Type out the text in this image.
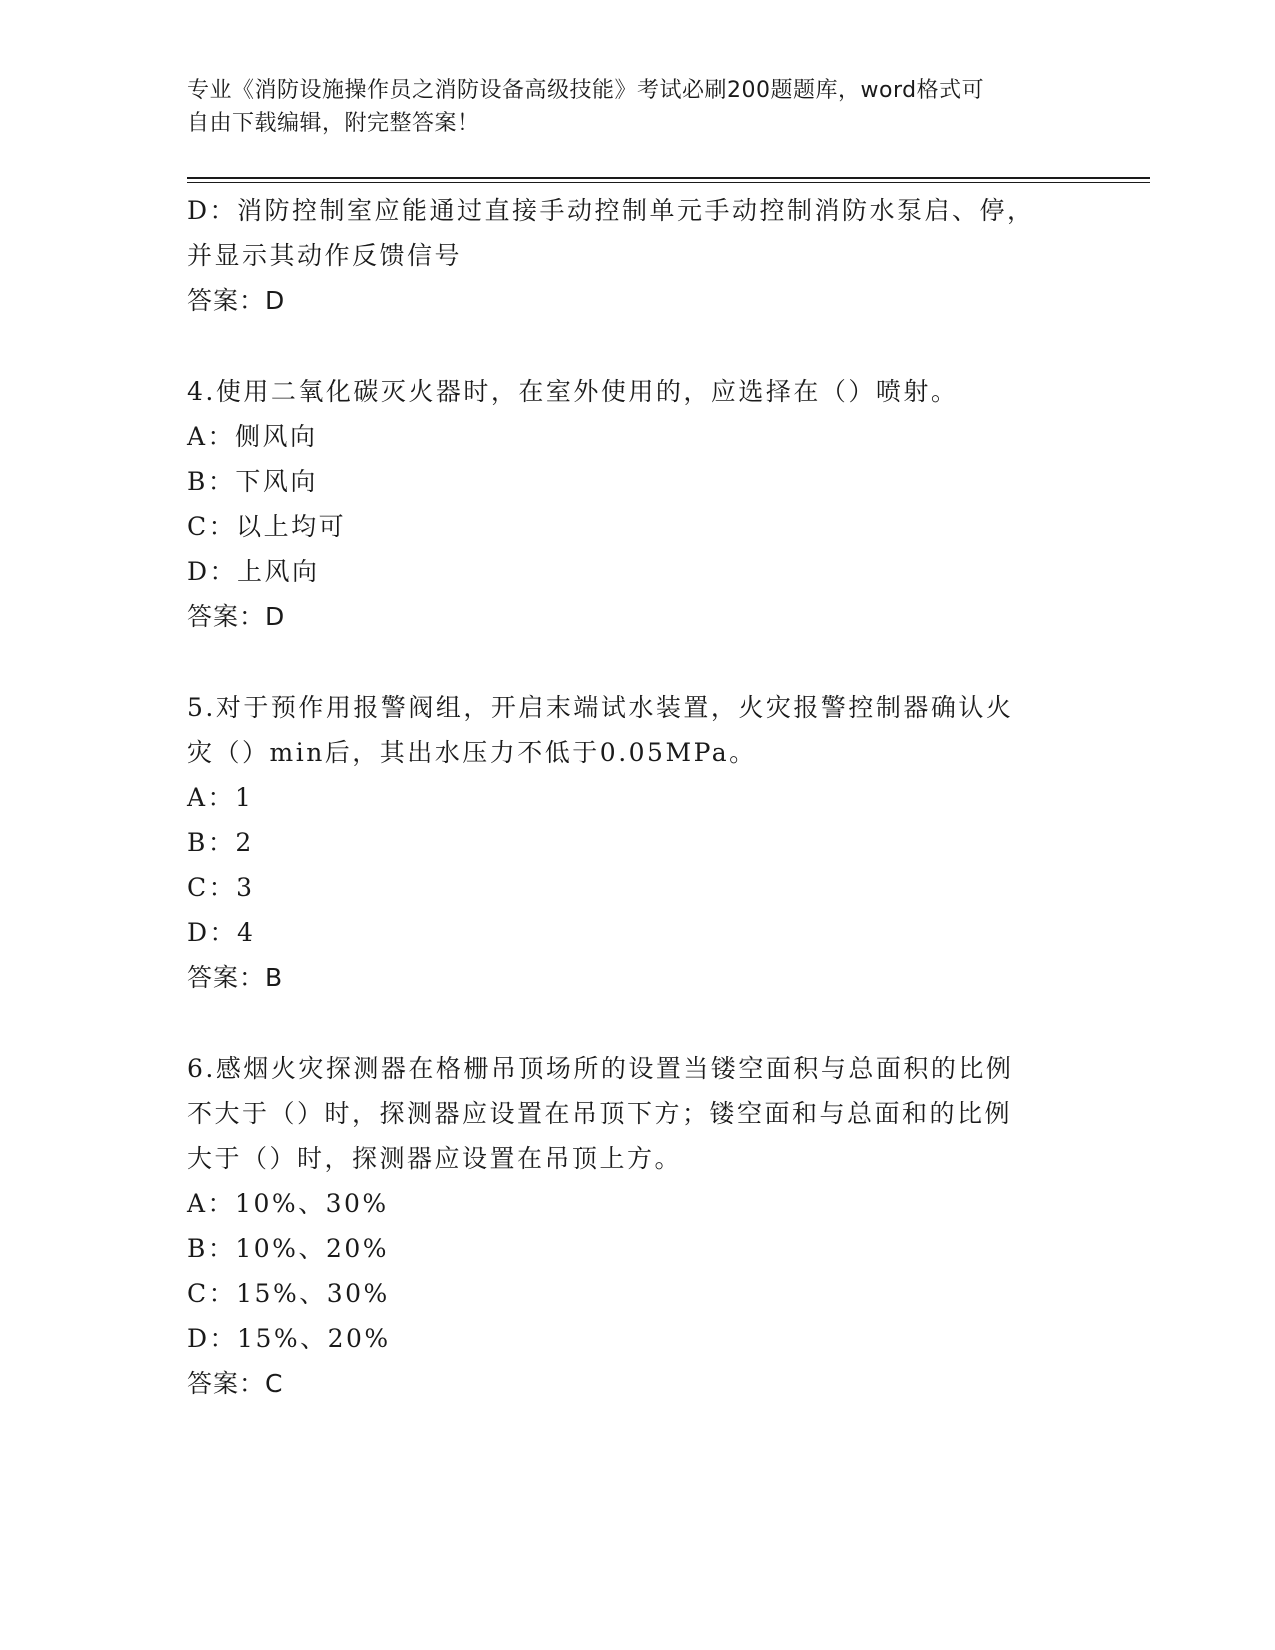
专业《消防设施操作员之消防设备高级技能》考试必刷200题题库，word格式可
自由下载编辑，附完整答案！
D：消防控制室应能通过直接手动控制单元手动控制消防水泵启、停，
并显示其动作反馈信号
答案：D
4.使用二氧化碳灭火器时，在室外使用的，应选择在（）喷射。
A：侧风向
B：下风向
C：以上均可
D：上风向
答案：D
5.对于预作用报警阀组，开启末端试水装置，火灾报警控制器确认火
灾（）min后，其出水压力不低于0.05MPa。
A：1
B：2
C：3
D：4
答案：B
6.感烟火灾探测器在格栅吊顶场所的设置当镂空面积与总面积的比例
不大于（）时，探测器应设置在吊顶下方；镂空面和与总面和的比例
大于（）时，探测器应设置在吊顶上方。
A：10%、30%
B：10%、20%
C：15%、30%
D：15%、20%
答案：C
